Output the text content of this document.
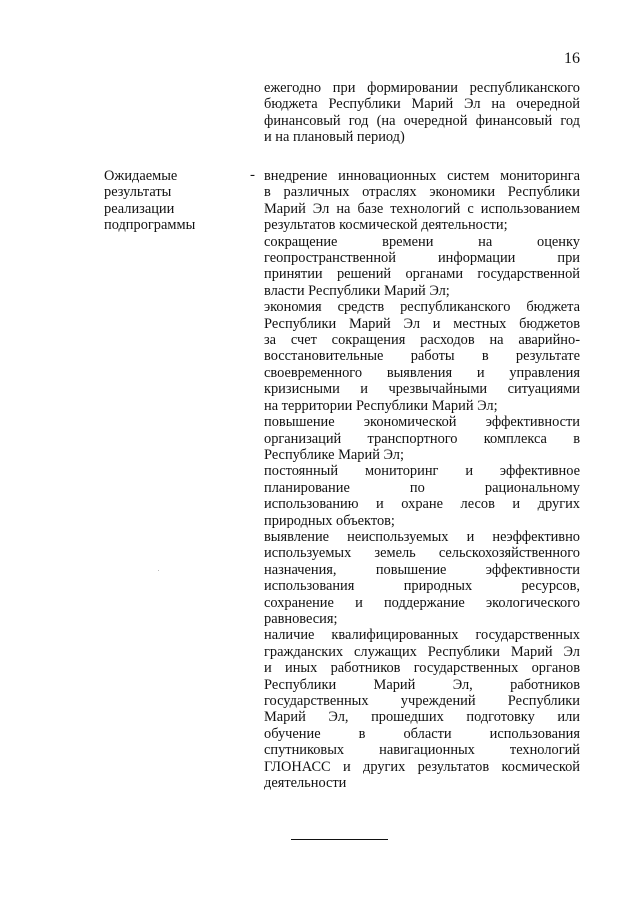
16
ежегодно при формировании республиканского
бюджета Республики Марий Эл на очередной
финансовый год (на очередной финансовый год
и на плановый период)
Ожидаемые
результаты
реализации
подпрограммы
- внедрение инновационных систем мониторинга
в различных отраслях экономики Республики
Марий Эл на базе технологий с использованием
результатов космической деятельности;
сокращение времени на оценку
геопространственной информации при
принятии решений органами государственной
власти Республики Марий Эл;
экономия средств республиканского бюджета
Республики Марий Эл и местных бюджетов
за счет сокращения расходов на аварийно-
восстановительные работы в результате
своевременного выявления и управления
кризисными и чрезвычайными ситуациями
на территории Республики Марий Эл;
повышение экономической эффективности
организаций транспортного комплекса в
Республике Марий Эл;
постоянный мониторинг и эффективное
планирование по рациональному
использованию и охране лесов и других
природных объектов;
выявление неиспользуемых и неэффективно
используемых земель сельскохозяйственного
назначения, повышение эффективности
использования природных ресурсов,
сохранение и поддержание экологического
равновесия;
наличие квалифицированных государственных
гражданских служащих Республики Марий Эл
и иных работников государственных органов
Республики Марий Эл, работников
государственных учреждений Республики
Марий Эл, прошедших подготовку или
обучение в области использования
спутниковых навигационных технологий
ГЛОНАСС и других результатов космической
деятельности
